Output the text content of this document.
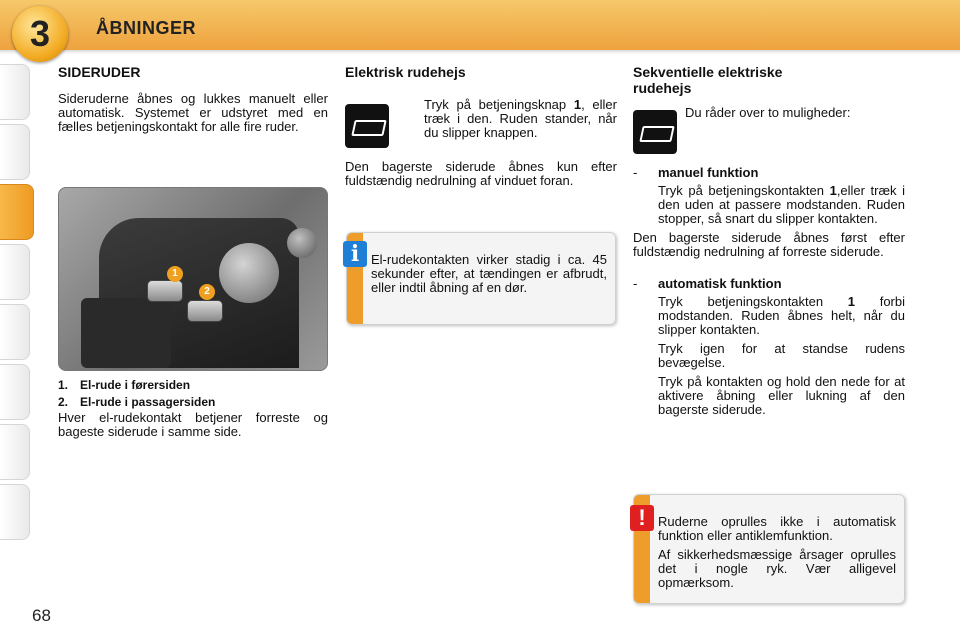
3	ÅBNINGER
68
SIDERUDER

Sideruderne åbnes og lukkes manuelt eller automatisk. Systemet er udstyret med en fælles betjeningskontakt for alle fire ruder.

1
2
1. El-rude i førersiden
2. El-rude i passagersiden

Hver el-rudekontakt betjener forreste og bageste siderude i samme side.

Elektrisk rudehejs
Tryk på betjeningsknap 1, eller træk i den. Ruden stander, når du slipper knappen.

Den bagerste siderude åbnes kun efter fuldstændig nedrulning af vinduet foran.

i El-rudekontakten virker stadig i ca. 45 sekunder efter, at tændingen er afbrudt, eller indtil åbning af en dør.

Sekventielle elektriske rudehejs

Du råder over to muligheder:

-	manuel funktion
Tryk på betjeningskontakten 1,eller træk i den uden at passere modstanden. Ruden stopper, så snart du slipper kontakten.

Den bagerste siderude åbnes først efter fuldstændig nedrulning af forreste siderude.

-	automatisk funktion
Tryk betjeningskontakten 1 forbi modstanden. Ruden åbnes helt, når du slipper kontakten.
Tryk igen for at standse rudens bevægelse.
Tryk på kontakten og hold den nede for at aktivere åbning eller lukning af den bagerste siderude.
! Ruderne oprulles ikke i automatisk funktion eller antiklemfunktion.

Af sikkerhedsmæssige årsager oprulles det i nogle ryk. Vær alligevel opmærksom.
